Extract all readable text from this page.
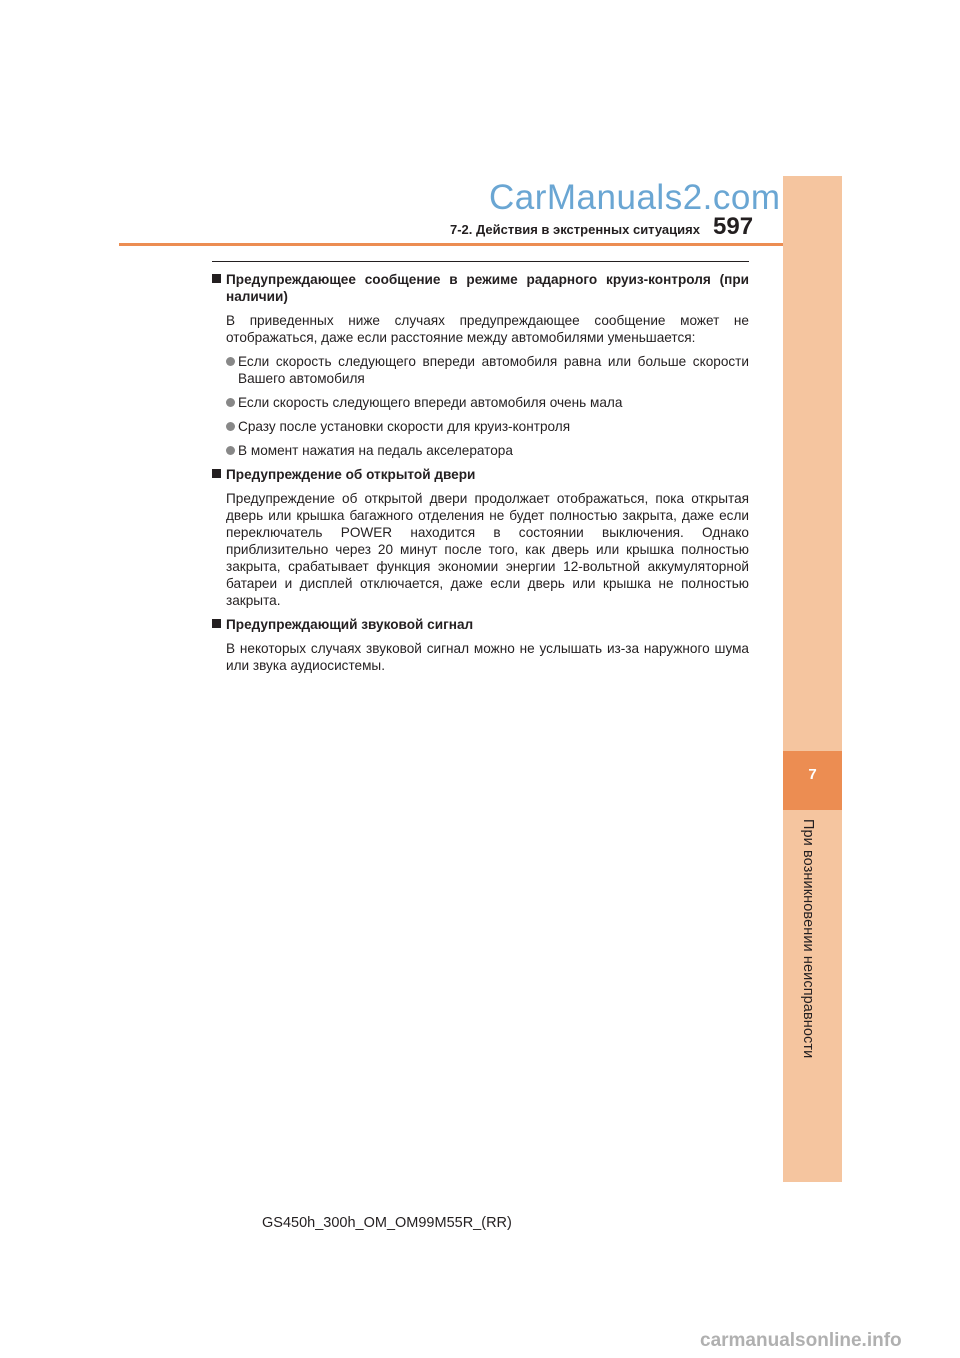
7
При возникновении неисправности
CarManuals2.com
7-2. Действия в экстренных ситуациях 597
Предупреждающее сообщение в режиме радарного круиз-контроля (при наличии)
В приведенных ниже случаях предупреждающее сообщение может не отображаться, даже если расстояние между автомобилями уменьшается:
Если скорость следующего впереди автомобиля равна или больше скорости Вашего автомобиля
Если скорость следующего впереди автомобиля очень мала
Сразу после установки скорости для круиз-контроля
В момент нажатия на педаль акселератора
Предупреждение об открытой двери
Предупреждение об открытой двери продолжает отображаться, пока открытая дверь или крышка багажного отделения не будет полностью закрыта, даже если переключатель POWER находится в состоянии выключения. Однако приблизительно через 20 минут после того, как дверь или крышка полностью закрыта, срабатывает функция экономии энергии 12-вольтной аккумуляторной батареи и дисплей отключается, даже если дверь или крышка не полностью закрыта.
Предупреждающий звуковой сигнал
В некоторых случаях звуковой сигнал можно не услышать из-за наружного шума или звука аудиосистемы.
GS450h_300h_OM_OM99M55R_(RR)
carmanualsonline.info
